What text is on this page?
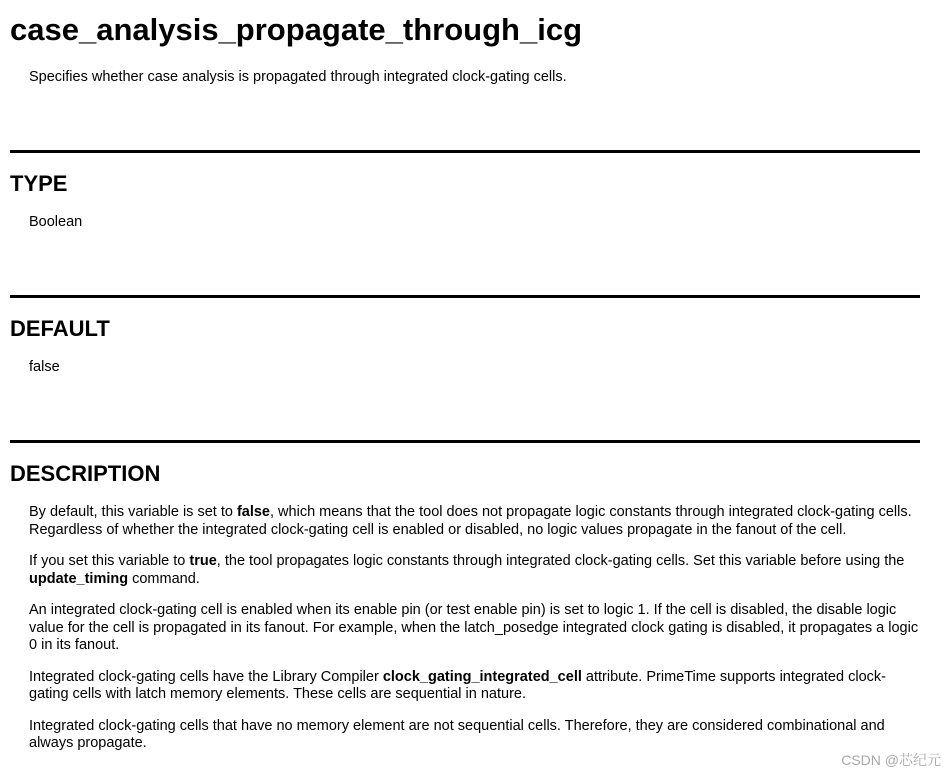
case_analysis_propagate_through_icg

Specifies whether case analysis is propagated through integrated clock-gating cells.

TYPE

Boolean

DEFAULT

false

DESCRIPTION

By default, this variable is set to false, which means that the tool does not propagate logic constants through integrated clock-gating cells. Regardless of whether the integrated clock-gating cell is enabled or disabled, no logic values propagate in the fanout of the cell.

If you set this variable to true, the tool propagates logic constants through integrated clock-gating cells. Set this variable before using the update_timing command.

An integrated clock-gating cell is enabled when its enable pin (or test enable pin) is set to logic 1. If the cell is disabled, the disable logic value for the cell is propagated in its fanout. For example, when the latch_posedge integrated clock gating is disabled, it propagates a logic 0 in its fanout.

Integrated clock-gating cells have the Library Compiler clock_gating_integrated_cell attribute. PrimeTime supports integrated clock-gating cells with latch memory elements. These cells are sequential in nature.

Integrated clock-gating cells that have no memory element are not sequential cells. Therefore, they are considered combinational and always propagate.

CSDN @芯纪元
